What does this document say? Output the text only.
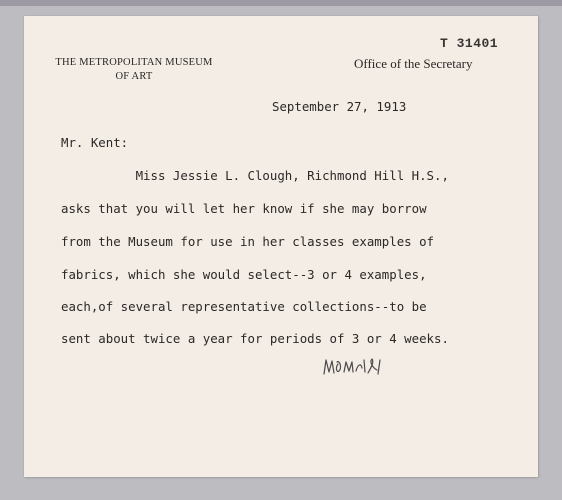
T 31401
THE METROPOLITAN MUSEUM
OF ART
Office of the Secretary
September 27, 1913
Mr. Kent:
Miss Jessie L. Clough, Richmond Hill H.S.,
asks that you will let her know if she may borrow
from the Museum for use in her classes examples of
fabrics, which she would select--3 or 4 examples,
each,of several representative collections--to be
sent about twice a year for periods of 3 or 4 weeks.
